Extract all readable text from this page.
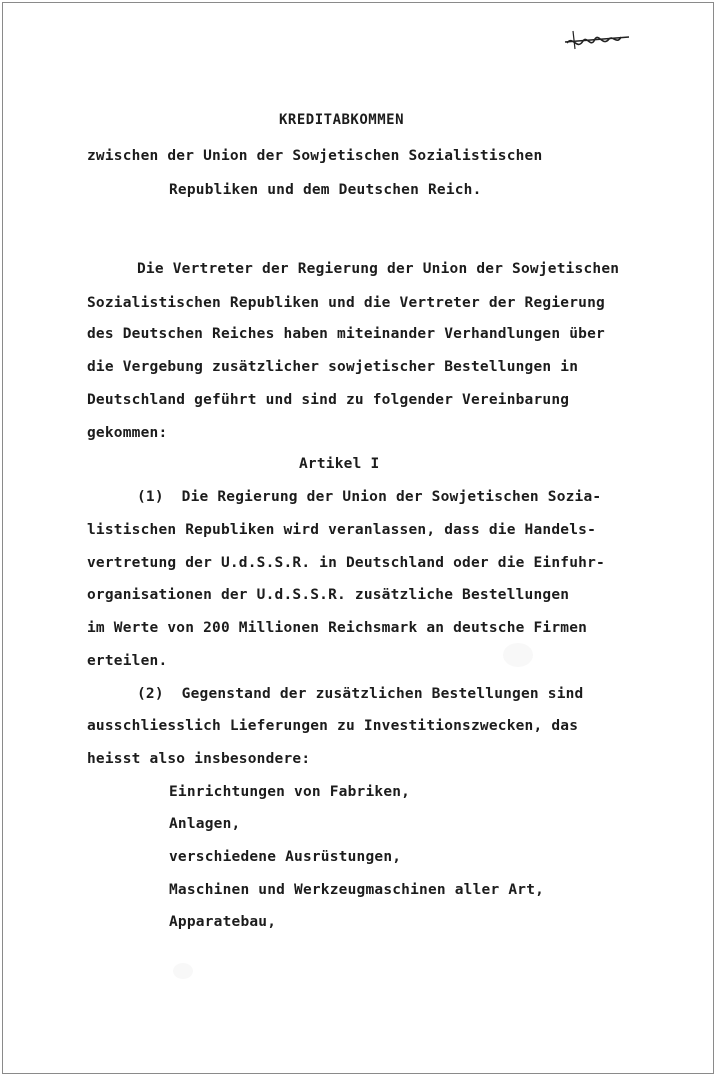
KREDITABKOMMEN
zwischen der Union der Sowjetischen Sozialistischen
Republiken und dem Deutschen Reich.
Die Vertreter der Regierung der Union der Sowjetischen
Sozialistischen Republiken und die Vertreter der Regierung
des Deutschen Reiches haben miteinander Verhandlungen über
die Vergebung zusätzlicher sowjetischer Bestellungen in
Deutschland geführt und sind zu folgender Vereinbarung
gekommen:
Artikel I
(1)  Die Regierung der Union der Sowjetischen Sozia-
listischen Republiken wird veranlassen, dass die Handels-
vertretung der U.d.S.S.R. in Deutschland oder die Einfuhr-
organisationen der U.d.S.S.R. zusätzliche Bestellungen
im Werte von 200 Millionen Reichsmark an deutsche Firmen
erteilen.
(2)  Gegenstand der zusätzlichen Bestellungen sind
ausschliesslich Lieferungen zu Investitionszwecken, das
heisst also insbesondere:
Einrichtungen von Fabriken,
Anlagen,
verschiedene Ausrüstungen,
Maschinen und Werkzeugmaschinen aller Art,
Apparatebau,
